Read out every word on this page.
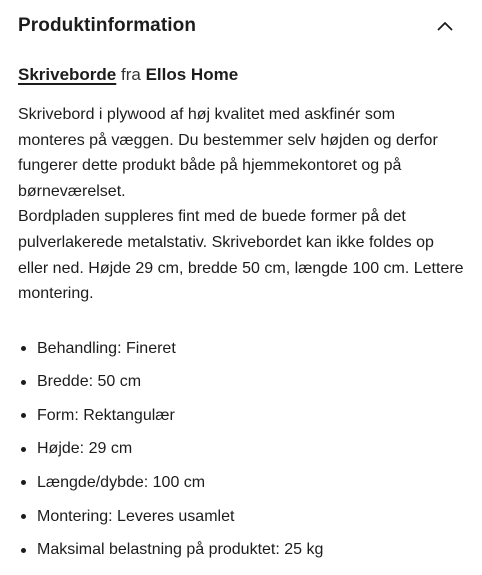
Produktinformation
Skriveborde fra Ellos Home

Skrivebord i plywood af høj kvalitet med askfinér som monteres på væggen. Du bestemmer selv højden og derfor fungerer dette produkt både på hjemmekontoret og på børneværelset.

Bordpladen suppleres fint med de buede former på det pulverlakerede metalstativ. Skrivebordet kan ikke foldes op eller ned. Højde 29 cm, bredde 50 cm, længde 100 cm. Lettere montering.

Behandling: Fineret
Bredde: 50 cm
Form: Rektangulær
Højde: 29 cm
Længde/dybde: 100 cm
Montering: Leveres usamlet
Maksimal belastning på produktet: 25 kg
